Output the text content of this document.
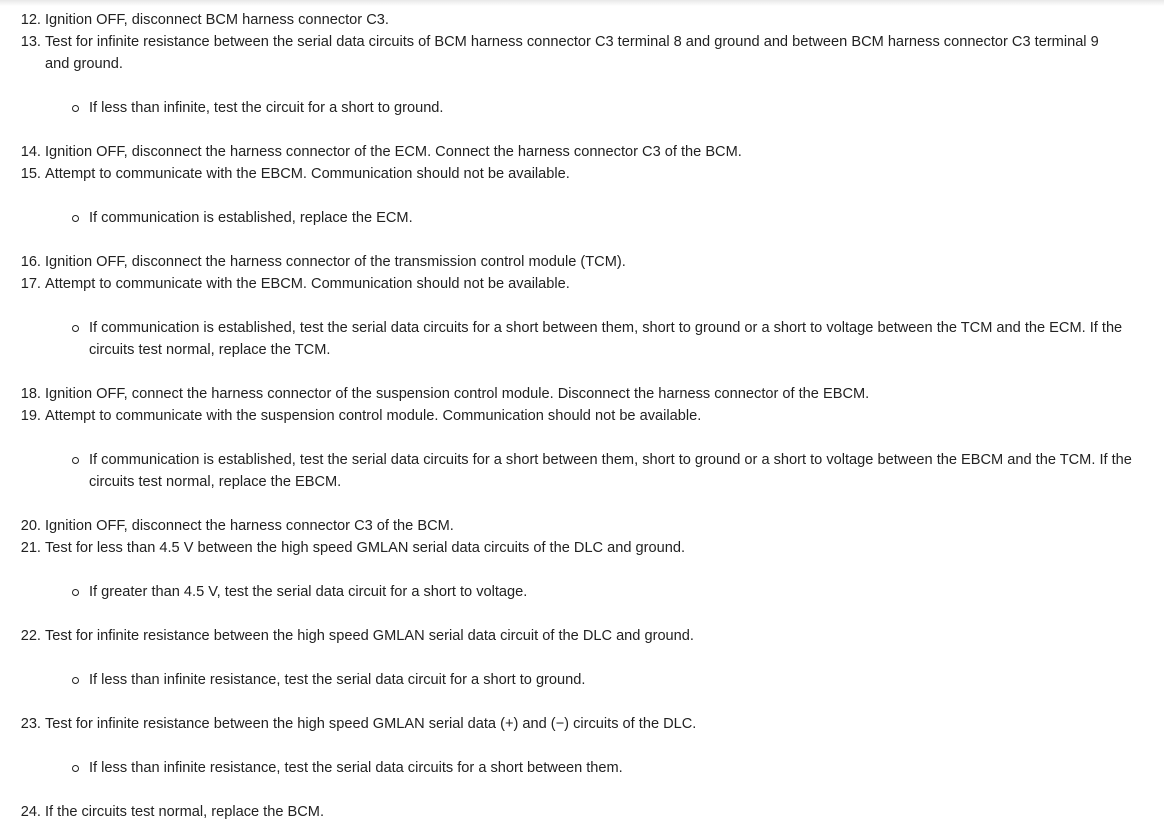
12. Ignition OFF, disconnect BCM harness connector C3.
13. Test for infinite resistance between the serial data circuits of BCM harness connector C3 terminal 8 and ground and between BCM harness connector C3 terminal 9 and ground.
If less than infinite, test the circuit for a short to ground.
14. Ignition OFF, disconnect the harness connector of the ECM. Connect the harness connector C3 of the BCM.
15. Attempt to communicate with the EBCM. Communication should not be available.
If communication is established, replace the ECM.
16. Ignition OFF, disconnect the harness connector of the transmission control module (TCM).
17. Attempt to communicate with the EBCM. Communication should not be available.
If communication is established, test the serial data circuits for a short between them, short to ground or a short to voltage between the TCM and the ECM. If the circuits test normal, replace the TCM.
18. Ignition OFF, connect the harness connector of the suspension control module. Disconnect the harness connector of the EBCM.
19. Attempt to communicate with the suspension control module. Communication should not be available.
If communication is established, test the serial data circuits for a short between them, short to ground or a short to voltage between the EBCM and the TCM. If the circuits test normal, replace the EBCM.
20. Ignition OFF, disconnect the harness connector C3 of the BCM.
21. Test for less than 4.5 V between the high speed GMLAN serial data circuits of the DLC and ground.
If greater than 4.5 V, test the serial data circuit for a short to voltage.
22. Test for infinite resistance between the high speed GMLAN serial data circuit of the DLC and ground.
If less than infinite resistance, test the serial data circuit for a short to ground.
23. Test for infinite resistance between the high speed GMLAN serial data (+) and (−) circuits of the DLC.
If less than infinite resistance, test the serial data circuits for a short between them.
24. If the circuits test normal, replace the BCM.
